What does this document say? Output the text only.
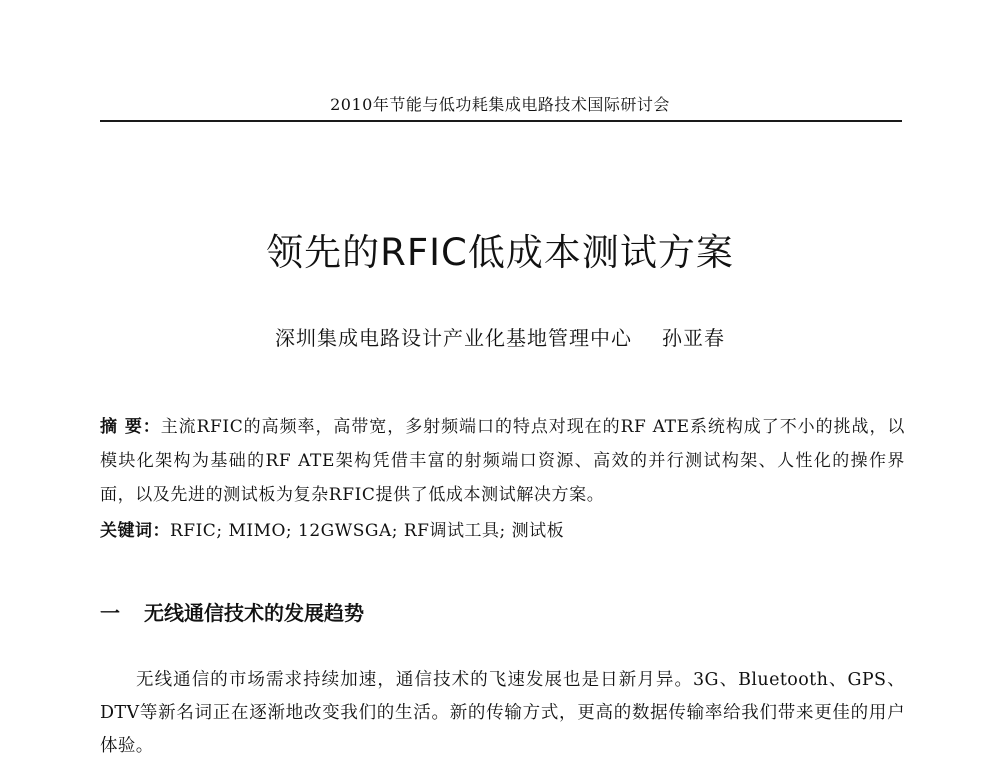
2010年节能与低功耗集成电路技术国际研讨会
领先的RFIC低成本测试方案
深圳集成电路设计产业化基地管理中心 孙亚春
摘 要：主流RFIC的高频率，高带宽，多射频端口的特点对现在的RF ATE系统构成了不小的挑战，以模块化架构为基础的RF ATE架构凭借丰富的射频端口资源、高效的并行测试构架、人性化的操作界面，以及先进的测试板为复杂RFIC提供了低成本测试解决方案。
关键词：RFIC; MIMO; 12GWSGA; RF调试工具; 测试板
一 无线通信技术的发展趋势
无线通信的市场需求持续加速，通信技术的飞速发展也是日新月异。3G、Bluetooth、GPS、DTV等新名词正在逐渐地改变我们的生活。新的传输方式，更高的数据传输率给我们带来更佳的用户体验。
